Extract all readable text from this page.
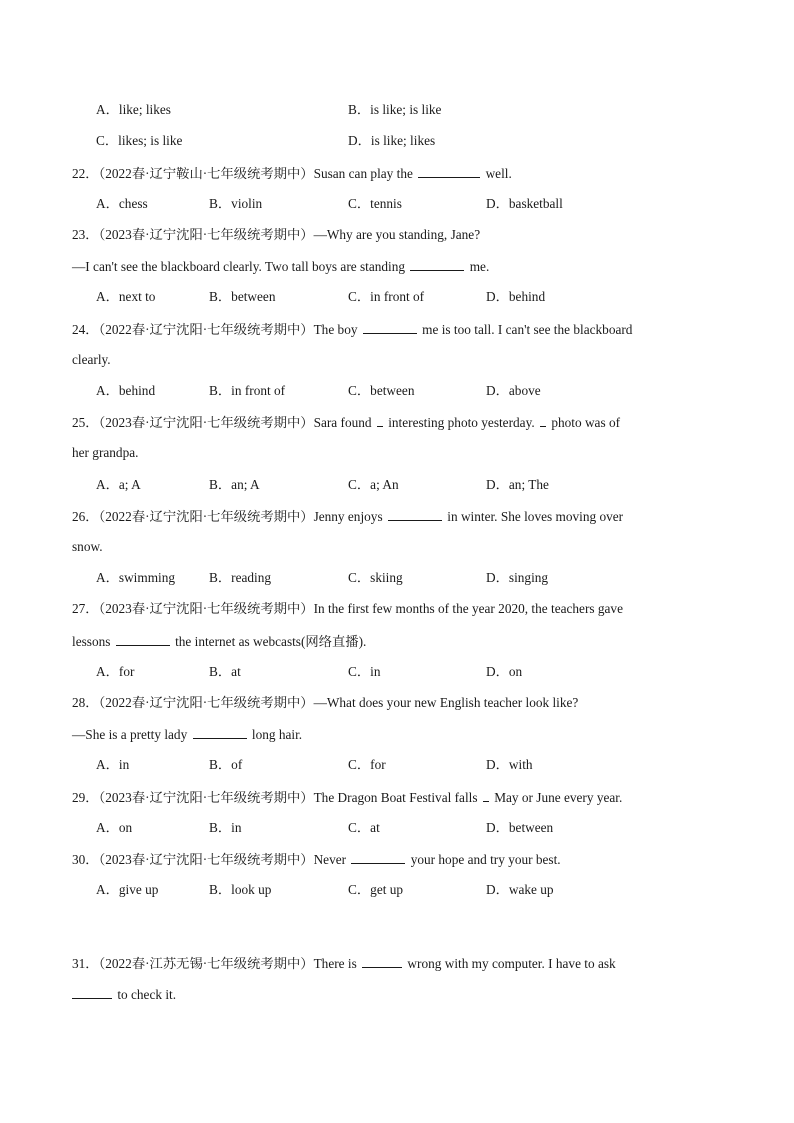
A．like; likes	B．is like; is like
C．likes; is like	D．is like; likes
22．（2022春·辽宁鞍山·七年级统考期中）Susan can play the	well.
A．chess	B．violin	C．tennis	D．basketball
23．（2023春·辽宁沈阳·七年级统考期中）—Why are you standing, Jane?
—I can't see the blackboard clearly. Two tall boys are standing	me.
A．next to	B．between	C．in front of	D．behind
24．（2022春·辽宁沈阳·七年级统考期中）The boy	me is too tall. I can't see the blackboard
clearly.
A．behind	B．in front of	C．between	D．above
25．（2023春·辽宁沈阳·七年级统考期中）Sara found interesting photo yesterday. photo was of
her grandpa.
A．a; A	B．an; A	C．a; An	D．an; The
26．（2022春·辽宁沈阳·七年级统考期中）Jenny enjoys	in winter. She loves moving over
snow.
A．swimming	B．reading	C．skiing	D．singing
27．（2023春·辽宁沈阳·七年级统考期中）In the first few months of the year 2020, the teachers gave
lessons	the internet as webcasts(网络直播).
A．for	B．at	C．in	D．on
28．（2022春·辽宁沈阳·七年级统考期中）—What does your new English teacher look like?
—She is a pretty lady	long hair.
A．in	B．of	C．for	D．with
29．（2023春·辽宁沈阳·七年级统考期中）The Dragon Boat Festival falls May or June every year.
A．on	B．in	C．at	D．between
30．（2023春·辽宁沈阳·七年级统考期中）Never	your hope and try your best.
A．give up	B．look up	C．get up	D．wake up
31．（2022春·江苏无锡·七年级统考期中）There is	wrong with my computer. I have to ask
to check it.
